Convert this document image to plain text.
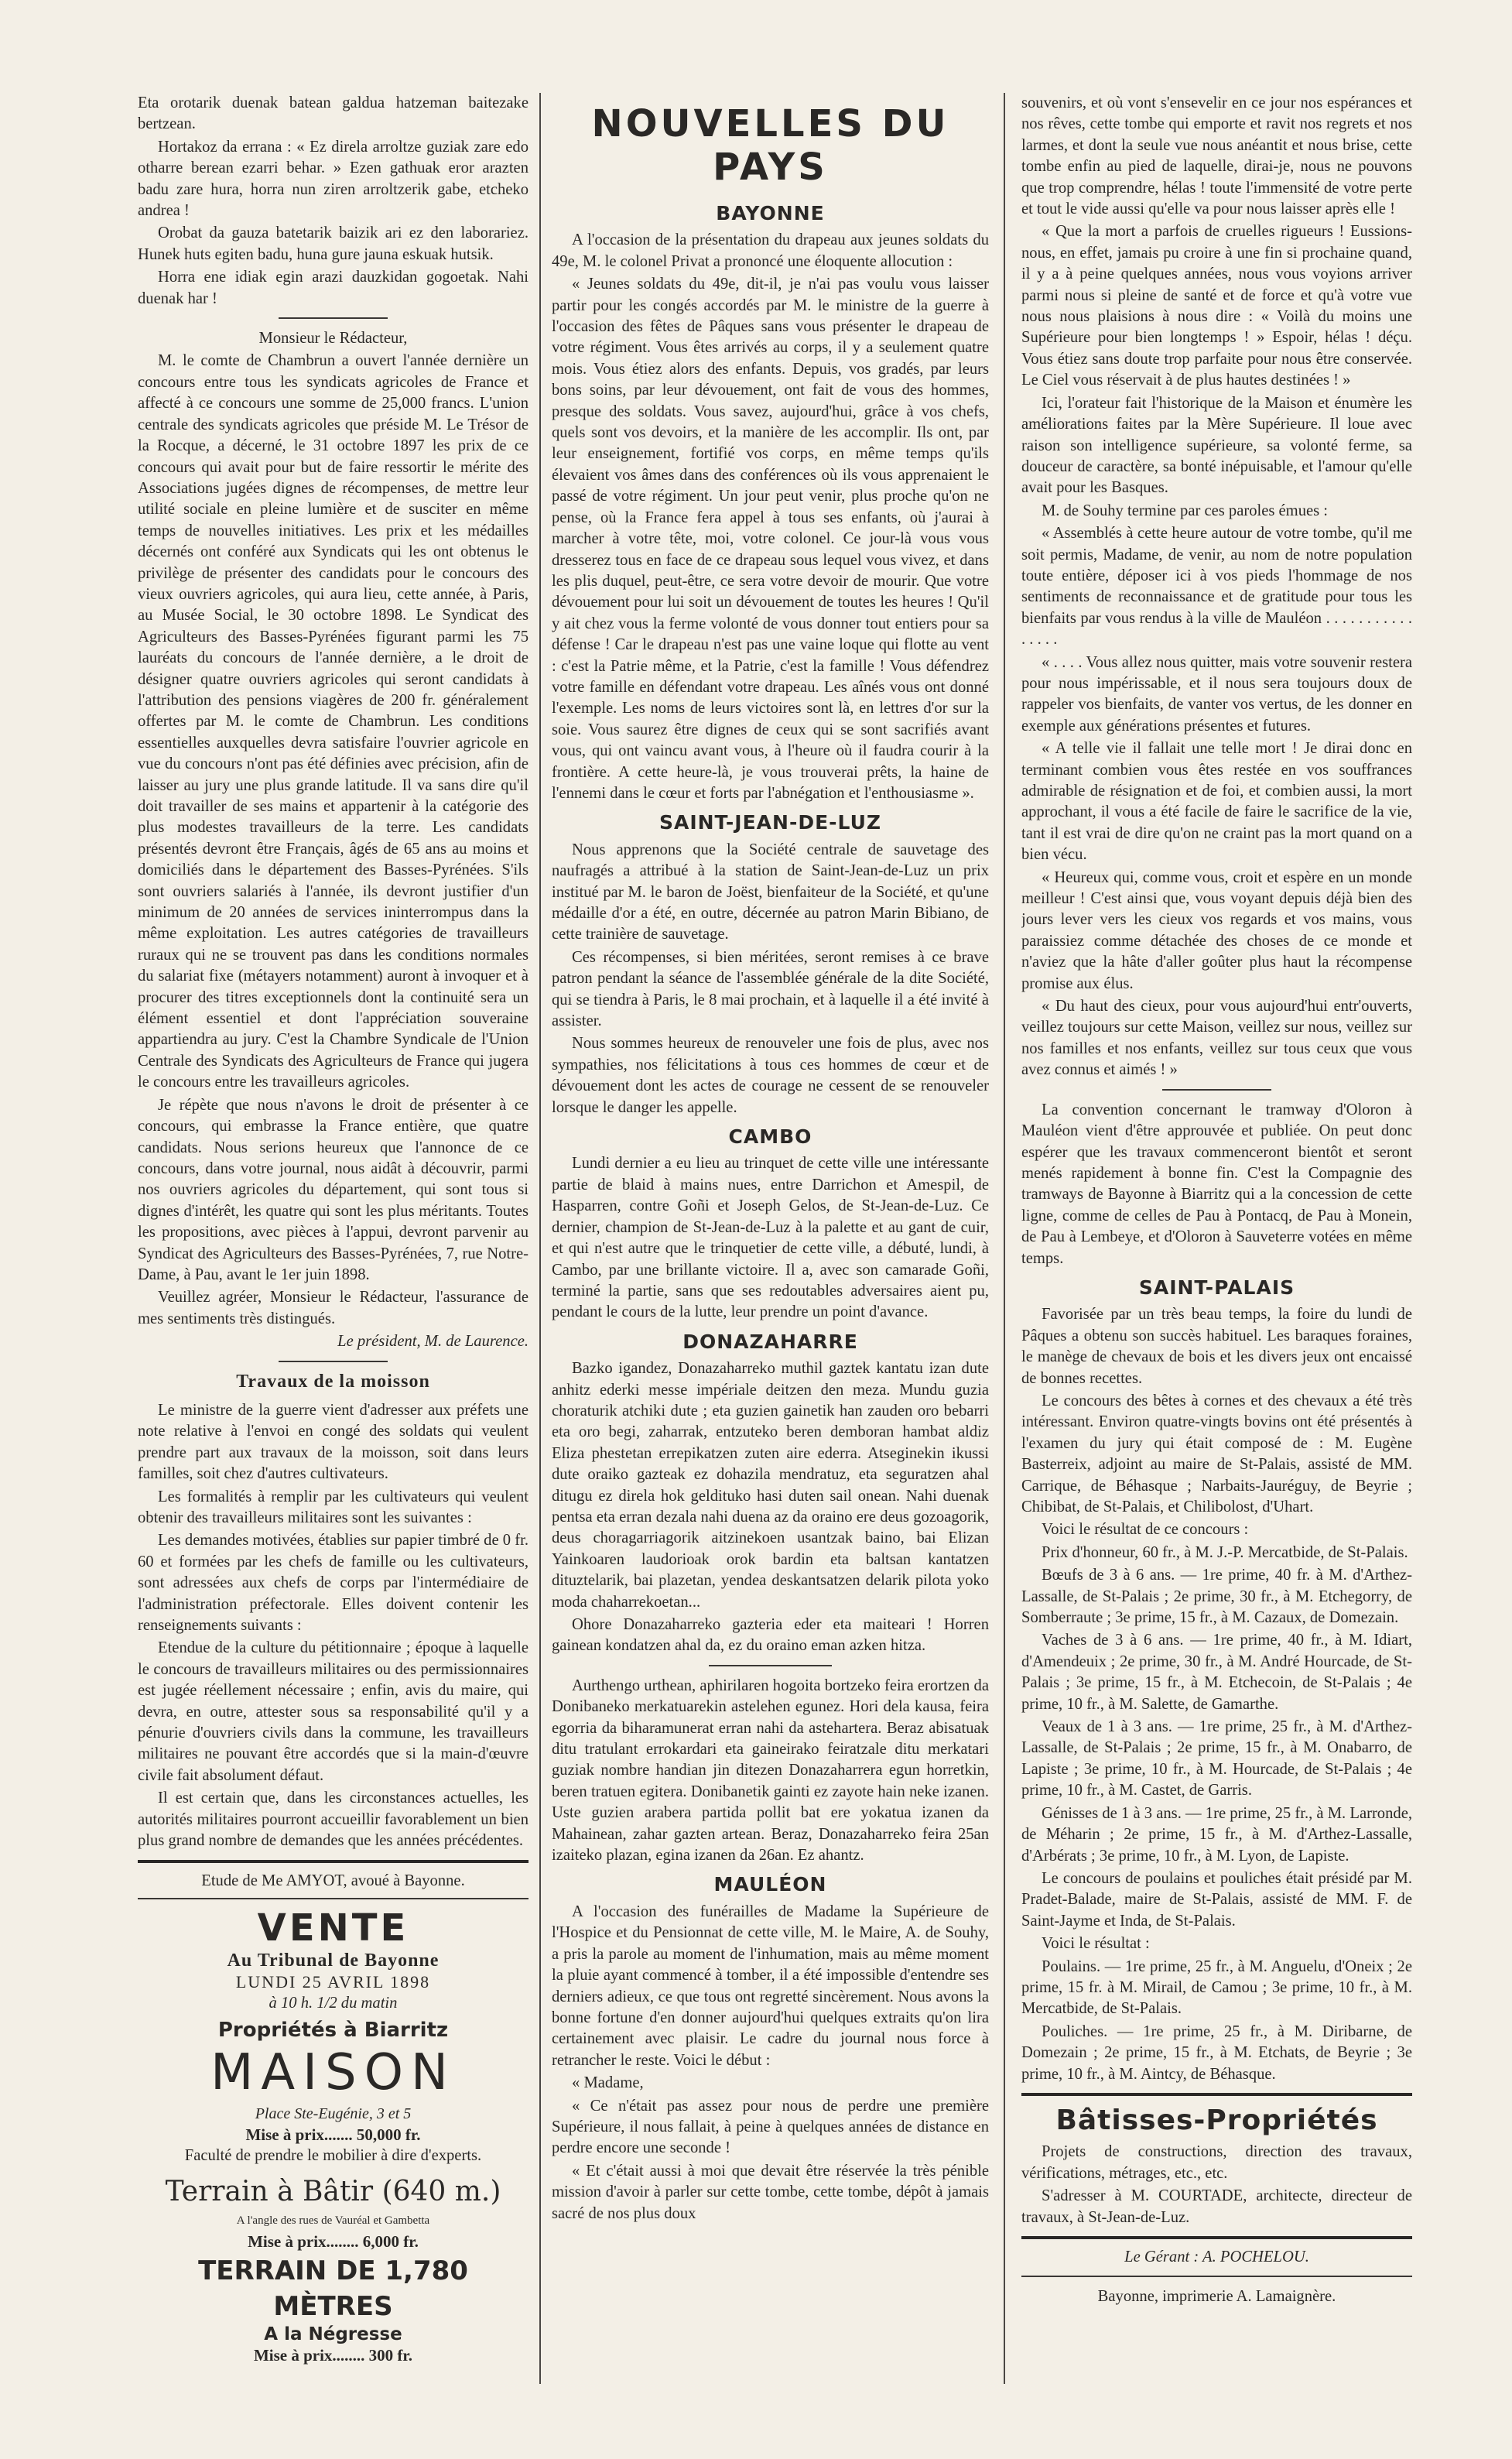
Eta orotarik duenak batean galdua hatzeman baitezake bertzean.

Hortakoz da errana : « Ez direla arroltze guziak zare edo otharre berean ezarri behar. » Ezen gathuak eror arazten badu zare hura, horra nun ziren arroltzerik gabe, etcheko andrea !

Orobat da gauza batetarik baizik ari ez den laborariez. Hunek huts egiten badu, huna gure jauna eskuak hutsik.

Horra ene idiak egin arazi dauzkidan gogoetak. Nahi duenak har !

Monsieur le Rédacteur,

M. le comte de Chambrun a ouvert l'année dernière un concours entre tous les syndicats agricoles de France et affecté à ce concours une somme de 25,000 francs. L'union centrale des syndicats agricoles que préside M. Le Trésor de la Rocque, a décerné, le 31 octobre 1897 les prix de ce concours qui avait pour but de faire ressortir le mérite des Associations jugées dignes de récompenses, de mettre leur utilité sociale en pleine lumière et de susciter en même temps de nouvelles initiatives. Les prix et les médailles décernés ont conféré aux Syndicats qui les ont obtenus le privilège de présenter des candidats pour le concours des vieux ouvriers agricoles, qui aura lieu, cette année, à Paris, au Musée Social, le 30 octobre 1898. Le Syndicat des Agriculteurs des Basses-Pyrénées figurant parmi les 75 lauréats du concours de l'année dernière, a le droit de désigner quatre ouvriers agricoles qui seront candidats à l'attribution des pensions viagères de 200 fr. généralement offertes par M. le comte de Chambrun. Les conditions essentielles auxquelles devra satisfaire l'ouvrier agricole en vue du concours n'ont pas été définies avec précision, afin de laisser au jury une plus grande latitude. Il va sans dire qu'il doit travailler de ses mains et appartenir à la catégorie des plus modestes travailleurs de la terre. Les candidats présentés devront être Français, âgés de 65 ans au moins et domiciliés dans le département des Basses-Pyrénées. S'ils sont ouvriers salariés à l'année, ils devront justifier d'un minimum de 20 années de services ininterrompus dans la même exploitation. Les autres catégories de travailleurs ruraux qui ne se trouvent pas dans les conditions normales du salariat fixe (métayers notamment) auront à invoquer et à procurer des titres exceptionnels dont la continuité sera un élément essentiel et dont l'appréciation souveraine appartiendra au jury. C'est la Chambre Syndicale de l'Union Centrale des Syndicats des Agriculteurs de France qui jugera le concours entre les travailleurs agricoles.

Je répète que nous n'avons le droit de présenter à ce concours, qui embrasse la France entière, que quatre candidats. Nous serions heureux que l'annonce de ce concours, dans votre journal, nous aidât à découvrir, parmi nos ouvriers agricoles du département, qui sont tous si dignes d'intérêt, les quatre qui sont les plus méritants. Toutes les propositions, avec pièces à l'appui, devront parvenir au Syndicat des Agriculteurs des Basses-Pyrénées, 7, rue Notre-Dame, à Pau, avant le 1er juin 1898.

Veuillez agréer, Monsieur le Rédacteur, l'assurance de mes sentiments très distingués.

Le président, M. de Laurence.

Travaux de la moisson

Le ministre de la guerre vient d'adresser aux préfets une note relative à l'envoi en congé des soldats qui veulent prendre part aux travaux de la moisson, soit dans leurs familles, soit chez d'autres cultivateurs.

Les formalités à remplir par les cultivateurs qui veulent obtenir des travailleurs militaires sont les suivantes :

Les demandes motivées, établies sur papier timbré de 0 fr. 60 et formées par les chefs de famille ou les cultivateurs, sont adressées aux chefs de corps par l'intermédiaire de l'administration préfectorale. Elles doivent contenir les renseignements suivants :

Etendue de la culture du pétitionnaire ; époque à laquelle le concours de travailleurs militaires ou des permissionnaires est jugée réellement nécessaire ; enfin, avis du maire, qui devra, en outre, attester sous sa responsabilité qu'il y a pénurie d'ouvriers civils dans la commune, les travailleurs militaires ne pouvant être accordés que si la main-d'œuvre civile fait absolument défaut.

Il est certain que, dans les circonstances actuelles, les autorités militaires pourront accueillir favorablement un bien plus grand nombre de demandes que les années précédentes.

Etude de Me AMYOT, avoué à Bayonne.
VENTE
Au Tribunal de Bayonne
LUNDI 25 AVRIL 1898
à 10 h. 1/2 du matin
Propriétés à Biarritz
MAISON
Place Ste-Eugénie, 3 et 5
Mise à prix....... 50,000 fr.
Faculté de prendre le mobilier à dire d'experts.
Terrain à Bâtir (640 m.)
A l'angle des rues de Vauréal et Gambetta
Mise à prix........ 6,000 fr.
TERRAIN DE 1,780 MÈTRES
A la Négresse
Mise à prix........ 300 fr.
NOUVELLES DU PAYS
BAYONNE

A l'occasion de la présentation du drapeau aux jeunes soldats du 49e, M. le colonel Privat a prononcé une éloquente allocution :

« Jeunes soldats du 49e, dit-il, je n'ai pas voulu vous laisser partir pour les congés accordés par M. le ministre de la guerre à l'occasion des fêtes de Pâques sans vous présenter le drapeau de votre régiment. Vous êtes arrivés au corps, il y a seulement quatre mois. Vous étiez alors des enfants. Depuis, vos gradés, par leurs bons soins, par leur dévouement, ont fait de vous des hommes, presque des soldats. Vous savez, aujourd'hui, grâce à vos chefs, quels sont vos devoirs, et la manière de les accomplir. Ils ont, par leur enseignement, fortifié vos corps, en même temps qu'ils élevaient vos âmes dans des conférences où ils vous apprenaient le passé de votre régiment. Un jour peut venir, plus proche qu'on ne pense, où la France fera appel à tous ses enfants, où j'aurai à marcher à votre tête, moi, votre colonel. Ce jour-là vous vous dresserez tous en face de ce drapeau sous lequel vous vivez, et dans les plis duquel, peut-être, ce sera votre devoir de mourir. Que votre dévouement pour lui soit un dévouement de toutes les heures ! Qu'il y ait chez vous la ferme volonté de vous donner tout entiers pour sa défense ! Car le drapeau n'est pas une vaine loque qui flotte au vent : c'est la Patrie même, et la Patrie, c'est la famille ! Vous défendrez votre famille en défendant votre drapeau. Les aînés vous ont donné l'exemple. Les noms de leurs victoires sont là, en lettres d'or sur la soie. Vous saurez être dignes de ceux qui se sont sacrifiés avant vous, qui ont vaincu avant vous, à l'heure où il faudra courir à la frontière. A cette heure-là, je vous trouverai prêts, la haine de l'ennemi dans le cœur et forts par l'abnégation et l'enthousiasme ».

SAINT-JEAN-DE-LUZ

Nous apprenons que la Société centrale de sauvetage des naufragés a attribué à la station de Saint-Jean-de-Luz un prix institué par M. le baron de Joëst, bienfaiteur de la Société, et qu'une médaille d'or a été, en outre, décernée au patron Marin Bibiano, de cette trainière de sauvetage.

Ces récompenses, si bien méritées, seront remises à ce brave patron pendant la séance de l'assemblée générale de la dite Société, qui se tiendra à Paris, le 8 mai prochain, et à laquelle il a été invité à assister.

Nous sommes heureux de renouveler une fois de plus, avec nos sympathies, nos félicitations à tous ces hommes de cœur et de dévouement dont les actes de courage ne cessent de se renouveler lorsque le danger les appelle.

CAMBO

Lundi dernier a eu lieu au trinquet de cette ville une intéressante partie de blaid à mains nues, entre Darrichon et Amespil, de Hasparren, contre Goñi et Joseph Gelos, de St-Jean-de-Luz. Ce dernier, champion de St-Jean-de-Luz à la palette et au gant de cuir, et qui n'est autre que le trinquetier de cette ville, a débuté, lundi, à Cambo, par une brillante victoire. Il a, avec son camarade Goñi, terminé la partie, sans que ses redoutables adversaires aient pu, pendant le cours de la lutte, leur prendre un point d'avance.

DONAZAHARRE

Bazko igandez, Donazaharreko muthil gaztek kantatu izan dute anhitz ederki messe impériale deitzen den meza. Mundu guzia choraturik atchiki dute ; eta guzien gainetik han zauden oro bebarri eta oro begi, zaharrak, entzuteko beren demboran hambat aldiz Eliza phestetan errepikatzen zuten aire ederra. Atseginekin ikussi dute oraiko gazteak ez dohazila mendratuz, eta seguratzen ahal ditugu ez direla hok geldituko hasi duten sail onean. Nahi duenak pentsa eta erran dezala nahi duena az da oraino ere deus gozoagorik, deus choragarriagorik aitzinekoen usantzak baino, bai Elizan Yainkoaren laudorioak orok bardin eta baltsan kantatzen dituztelarik, bai plazetan, yendea deskantsatzen delarik pilota yoko moda chaharrekoetan...

Ohore Donazaharreko gazteria eder eta maiteari ! Horren gainean kondatzen ahal da, ez du oraino eman azken hitza.

Aurthengo urthean, aphirilaren hogoita bortzeko feira erortzen da Donibaneko merkatuarekin astelehen egunez. Hori dela kausa, feira egorria da biharamunerat erran nahi da astehartera. Beraz abisatuak ditu tratulant errokardari eta gaineirako feiratzale ditu merkatari guziak nombre handian jin ditezen Donazaharrera egun horretkin, beren tratuen egitera. Donibanetik gainti ez zayote hain neke izanen. Uste guzien arabera partida pollit bat ere yokatua izanen da Mahainean, zahar gazten artean. Beraz, Donazaharreko feira 25an izaiteko plazan, egina izanen da 26an. Ez ahantz.

MAULÉON

A l'occasion des funérailles de Madame la Supérieure de l'Hospice et du Pensionnat de cette ville, M. le Maire, A. de Souhy, a pris la parole au moment de l'inhumation, mais au même moment la pluie ayant commencé à tomber, il a été impossible d'entendre ses derniers adieux, ce que tous ont regretté sincèrement. Nous avons la bonne fortune d'en donner aujourd'hui quelques extraits qu'on lira certainement avec plaisir. Le cadre du journal nous force à retrancher le reste. Voici le début :

« Madame,

« Ce n'était pas assez pour nous de perdre une première Supérieure, il nous fallait, à peine à quelques années de distance en perdre encore une seconde !

« Et c'était aussi à moi que devait être réservée la très pénible mission d'avoir à parler sur cette tombe, cette tombe, dépôt à jamais sacré de nos plus doux

souvenirs, et où vont s'ensevelir en ce jour nos espérances et nos rêves, cette tombe qui emporte et ravit nos regrets et nos larmes, et dont la seule vue nous anéantit et nous brise, cette tombe enfin au pied de laquelle, dirai-je, nous ne pouvons que trop comprendre, hélas ! toute l'immensité de votre perte et tout le vide aussi qu'elle va pour nous laisser après elle !

« Que la mort a parfois de cruelles rigueurs ! Eussions-nous, en effet, jamais pu croire à une fin si prochaine quand, il y a à peine quelques années, nous vous voyions arriver parmi nous si pleine de santé et de force et qu'à votre vue nous nous plaisions à nous dire : « Voilà du moins une Supérieure pour bien longtemps ! » Espoir, hélas ! déçu. Vous étiez sans doute trop parfaite pour nous être conservée. Le Ciel vous réservait à de plus hautes destinées ! »

Ici, l'orateur fait l'historique de la Maison et énumère les améliorations faites par la Mère Supérieure. Il loue avec raison son intelligence supérieure, sa volonté ferme, sa douceur de caractère, sa bonté inépuisable, et l'amour qu'elle avait pour les Basques.

M. de Souhy termine par ces paroles émues :

« Assemblés à cette heure autour de votre tombe, qu'il me soit permis, Madame, de venir, au nom de notre population toute entière, déposer ici à vos pieds l'hommage de nos sentiments de reconnaissance et de gratitude pour tous les bienfaits par vous rendus à la ville de Mauléon . . . . . . . . . . . . . . . .

« . . . . Vous allez nous quitter, mais votre souvenir restera pour nous impérissable, et il nous sera toujours doux de rappeler vos bienfaits, de vanter vos vertus, de les donner en exemple aux générations présentes et futures.

« A telle vie il fallait une telle mort ! Je dirai donc en terminant combien vous êtes restée en vos souffrances admirable de résignation et de foi, et combien aussi, la mort approchant, il vous a été facile de faire le sacrifice de la vie, tant il est vrai de dire qu'on ne craint pas la mort quand on a bien vécu.

« Heureux qui, comme vous, croit et espère en un monde meilleur ! C'est ainsi que, vous voyant depuis déjà bien des jours lever vers les cieux vos regards et vos mains, vous paraissiez comme détachée des choses de ce monde et n'aviez que la hâte d'aller goûter plus haut la récompense promise aux élus.

« Du haut des cieux, pour vous aujourd'hui entr'ouverts, veillez toujours sur cette Maison, veillez sur nous, veillez sur nos familles et nos enfants, veillez sur tous ceux que vous avez connus et aimés ! »

La convention concernant le tramway d'Oloron à Mauléon vient d'être approuvée et publiée. On peut donc espérer que les travaux commenceront bientôt et seront menés rapidement à bonne fin. C'est la Compagnie des tramways de Bayonne à Biarritz qui a la concession de cette ligne, comme de celles de Pau à Pontacq, de Pau à Monein, de Pau à Lembeye, et d'Oloron à Sauveterre votées en même temps.

SAINT-PALAIS

Favorisée par un très beau temps, la foire du lundi de Pâques a obtenu son succès habituel. Les baraques foraines, le manège de chevaux de bois et les divers jeux ont encaissé de bonnes recettes.

Le concours des bêtes à cornes et des chevaux a été très intéressant. Environ quatre-vingts bovins ont été présentés à l'examen du jury qui était composé de : M. Eugène Basterreix, adjoint au maire de St-Palais, assisté de MM. Carrique, de Béhasque ; Narbaits-Jauréguy, de Beyrie ; Chibibat, de St-Palais, et Chilibolost, d'Uhart.

Voici le résultat de ce concours :

Prix d'honneur, 60 fr., à M. J.-P. Mercatbide, de St-Palais.

Bœufs de 3 à 6 ans. — 1re prime, 40 fr. à M. d'Arthez-Lassalle, de St-Palais ; 2e prime, 30 fr., à M. Etchegorry, de Somberraute ; 3e prime, 15 fr., à M. Cazaux, de Domezain.

Vaches de 3 à 6 ans. — 1re prime, 40 fr., à M. Idiart, d'Amendeuix ; 2e prime, 30 fr., à M. André Hourcade, de St-Palais ; 3e prime, 15 fr., à M. Etchecoin, de St-Palais ; 4e prime, 10 fr., à M. Salette, de Gamarthe.

Veaux de 1 à 3 ans. — 1re prime, 25 fr., à M. d'Arthez-Lassalle, de St-Palais ; 2e prime, 15 fr., à M. Onabarro, de Lapiste ; 3e prime, 10 fr., à M. Hourcade, de St-Palais ; 4e prime, 10 fr., à M. Castet, de Garris.

Génisses de 1 à 3 ans. — 1re prime, 25 fr., à M. Larronde, de Méharin ; 2e prime, 15 fr., à M. d'Arthez-Lassalle, d'Arbérats ; 3e prime, 10 fr., à M. Lyon, de Lapiste.

Le concours de poulains et pouliches était présidé par M. Pradet-Balade, maire de St-Palais, assisté de MM. F. de Saint-Jayme et Inda, de St-Palais.

Voici le résultat :

Poulains. — 1re prime, 25 fr., à M. Anguelu, d'Oneix ; 2e prime, 15 fr. à M. Mirail, de Camou ; 3e prime, 10 fr., à M. Mercatbide, de St-Palais.

Pouliches. — 1re prime, 25 fr., à M. Diribarne, de Domezain ; 2e prime, 15 fr., à M. Etchats, de Beyrie ; 3e prime, 10 fr., à M. Aintcy, de Béhasque.

Bâtisses-Propriétés

Projets de constructions, direction des travaux, vérifications, métrages, etc., etc.

S'adresser à M. COURTADE, architecte, directeur de travaux, à St-Jean-de-Luz.

Le Gérant : A. POCHELOU.

Bayonne, imprimerie A. Lamaignère.
